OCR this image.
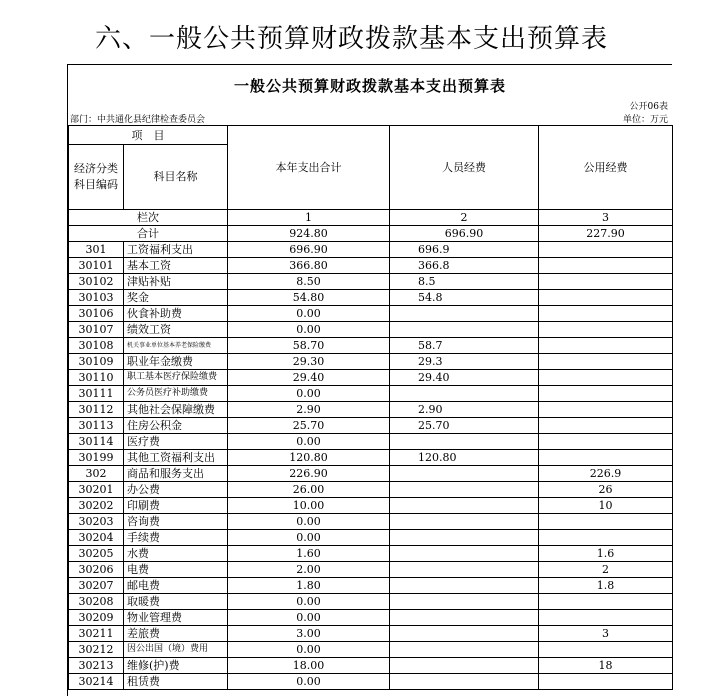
六、一般公共预算财政拨款基本支出预算表
一般公共预算财政拨款基本支出预算表
公开06表
单位：万元
部门：中共通化县纪律检查委员会
项　目		本年支出合计	人员经费	公用经费
经济分类科目编码	科目名称			
栏次		1	2	3
合计		924.80	696.90	227.90
301	工资福利支出	696.90	696.9	
30101	基本工资	366.80	366.8	
30102	津贴补贴	8.50	8.5	
30103	奖金	54.80	54.8	
30106	伙食补助费	0.00		
30107	绩效工资	0.00		
30108	机关事业单位基本养老保险缴费	58.70	58.7	
30109	职业年金缴费	29.30	29.3	
30110	职工基本医疗保险缴费	29.40	29.40	
30111	公务员医疗补助缴费	0.00		
30112	其他社会保障缴费	2.90	2.90	
30113	住房公积金	25.70	25.70	
30114	医疗费	0.00		
30199	其他工资福利支出	120.80	120.80	
302	商品和服务支出	226.90		226.9
30201	办公费	26.00		26
30202	印刷费	10.00		10
30203	咨询费	0.00		
30204	手续费	0.00		
30205	水费	1.60		1.6
30206	电费	2.00		2
30207	邮电费	1.80		1.8
30208	取暖费	0.00		
30209	物业管理费	0.00		
30211	差旅费	3.00		3
30212	因公出国（境）费用	0.00		
30213	维修(护)费	18.00		18
30214	租赁费	0.00		
